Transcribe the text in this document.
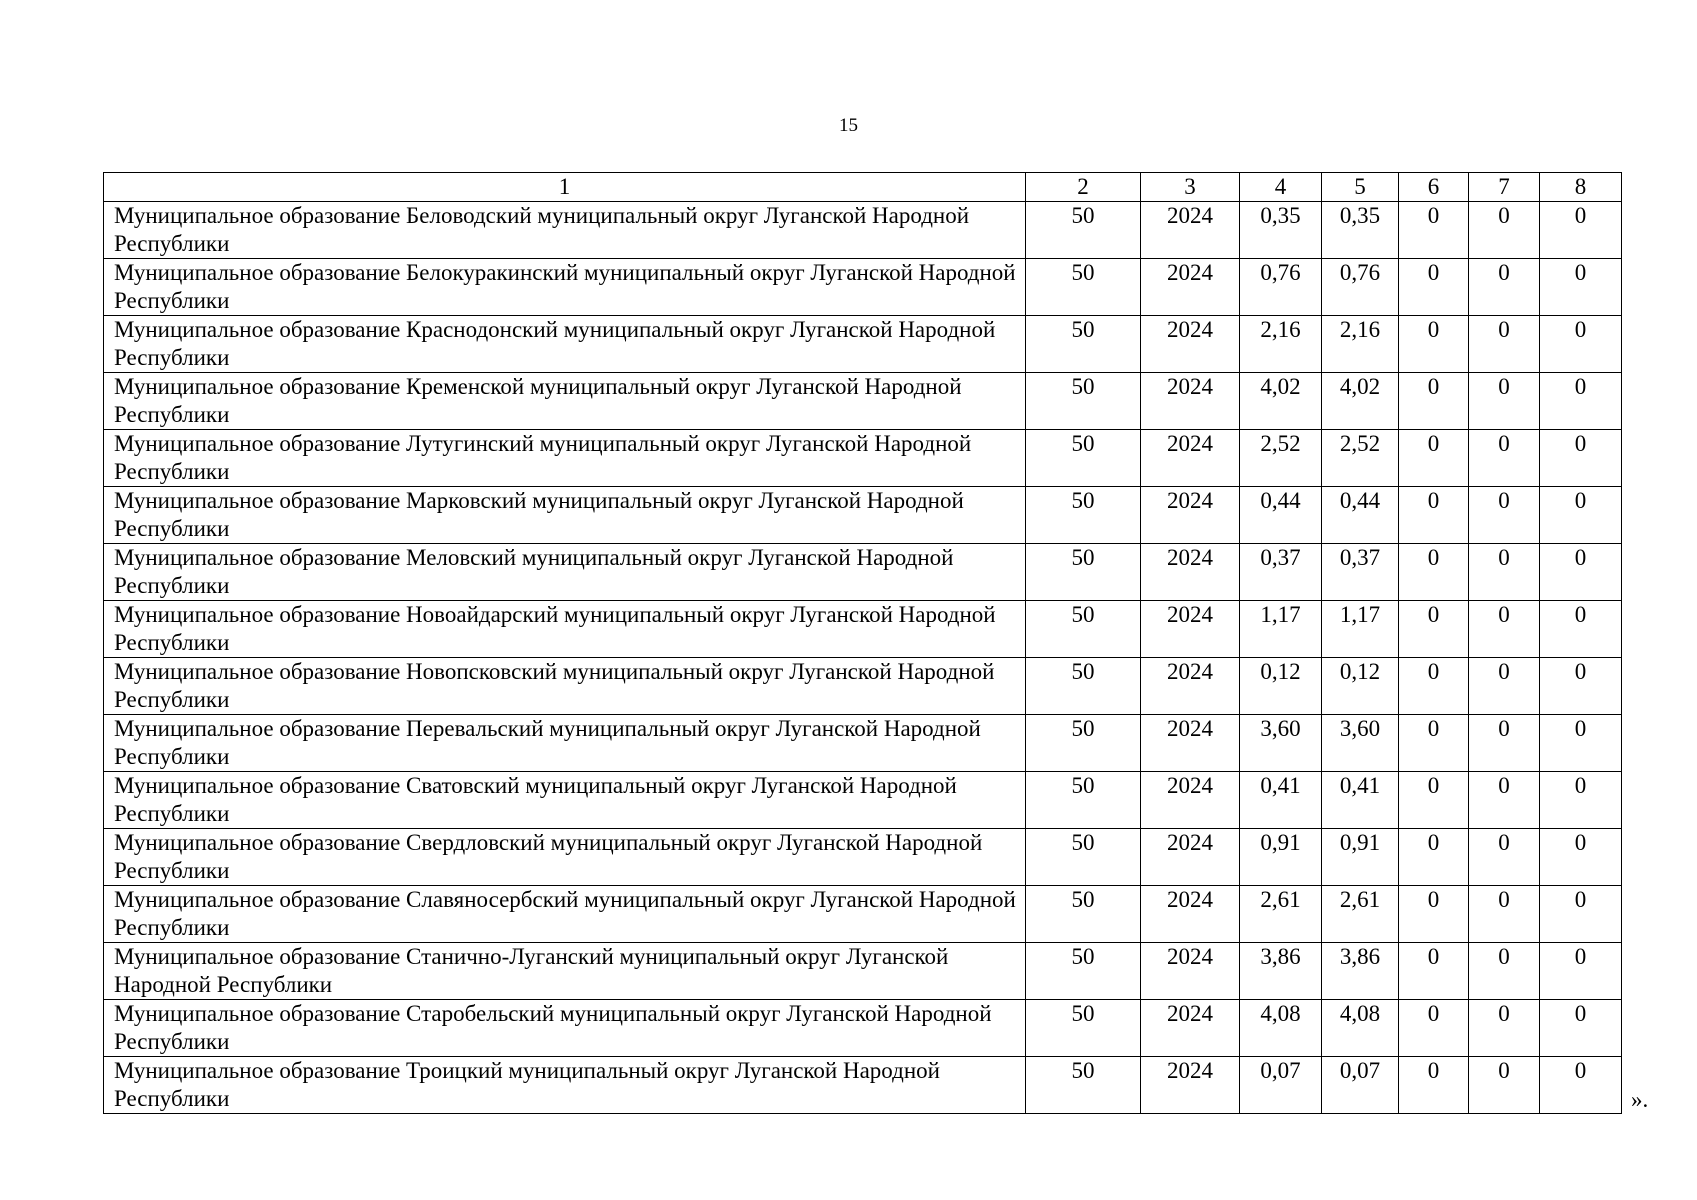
15
1	2	3	4	5	6	7	8
Муниципальное образование Беловодский муниципальный округ Луганской Народной Республики	50	2024	0,35	0,35	0	0	0
Муниципальное образование Белокуракинский муниципальный округ Луганской Народной Республики	50	2024	0,76	0,76	0	0	0
Муниципальное образование Краснодонский муниципальный округ Луганской Народной Республики	50	2024	2,16	2,16	0	0	0
Муниципальное образование Кременской муниципальный округ Луганской Народной Республики	50	2024	4,02	4,02	0	0	0
Муниципальное образование Лутугинский муниципальный округ Луганской Народной Республики	50	2024	2,52	2,52	0	0	0
Муниципальное образование Марковский муниципальный округ Луганской Народной Республики	50	2024	0,44	0,44	0	0	0
Муниципальное образование Меловский муниципальный округ Луганской Народной Республики	50	2024	0,37	0,37	0	0	0
Муниципальное образование Новоайдарский муниципальный округ Луганской Народной Республики	50	2024	1,17	1,17	0	0	0
Муниципальное образование Новопсковский муниципальный округ Луганской Народной Республики	50	2024	0,12	0,12	0	0	0
Муниципальное образование Перевальский муниципальный округ Луганской Народной Республики	50	2024	3,60	3,60	0	0	0
Муниципальное образование Сватовский муниципальный округ Луганской Народной Республики	50	2024	0,41	0,41	0	0	0
Муниципальное образование Свердловский муниципальный округ Луганской Народной Республики	50	2024	0,91	0,91	0	0	0
Муниципальное образование Славяносербский муниципальный округ Луганской Народной Республики	50	2024	2,61	2,61	0	0	0
Муниципальное образование Станично-Луганский муниципальный округ Луганской Народной Республики	50	2024	3,86	3,86	0	0	0
Муниципальное образование Старобельский муниципальный округ Луганской Народной Республики	50	2024	4,08	4,08	0	0	0
Муниципальное образование Троицкий муниципальный округ Луганской Народной Республики	50	2024	0,07	0,07	0	0	0
».
